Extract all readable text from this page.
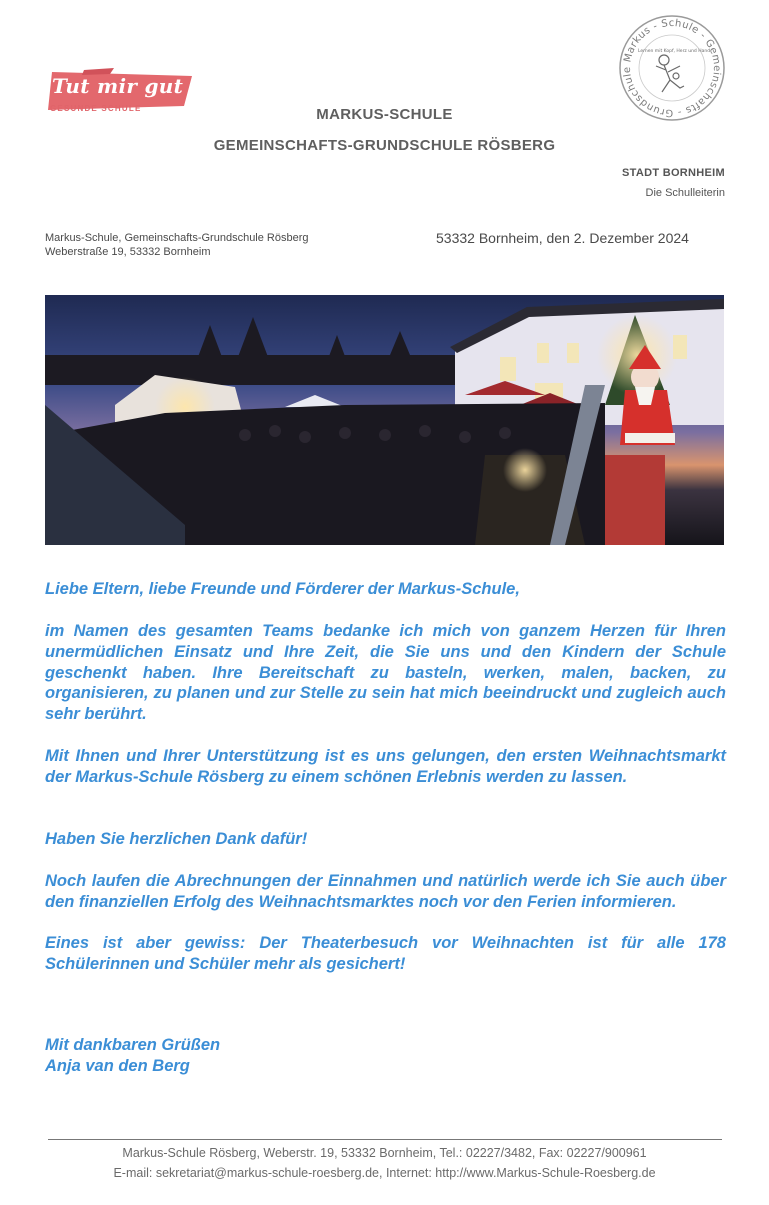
Tut mir gut
GESUNDE SCHULE
Markus - Schule - Gemeinschafts - Grundschule
Lernen mit Kopf, Herz und Hand
MARKUS-SCHULE
GEMEINSCHAFTS-GRUNDSCHULE RÖSBERG
STADT BORNHEIM
Die Schulleiterin
Markus-Schule, Gemeinschafts-Grundschule Rösberg
Weberstraße 19, 53332 Bornheim
53332 Bornheim, den 2. Dezember 2024
Liebe Eltern, liebe Freunde und Förderer der Markus-Schule,
im Namen des gesamten Teams bedanke ich mich von ganzem Herzen für Ihren unermüdlichen Einsatz und Ihre Zeit, die Sie uns und den Kindern der Schule geschenkt haben. Ihre Bereitschaft zu basteln, werken, malen, backen, zu organisieren, zu planen und zur Stelle zu sein hat mich beeindruckt und zugleich auch sehr berührt.
Mit Ihnen und Ihrer Unterstützung ist es uns gelungen, den ersten Weihnachtsmarkt der Markus-Schule Rösberg zu einem schönen Erlebnis werden zu lassen.
Haben Sie herzlichen Dank dafür!
Noch laufen die Abrechnungen der Einnahmen und natürlich werde ich Sie auch über den finanziellen Erfolg des Weihnachtsmarktes noch vor den Ferien informieren.
Eines ist aber gewiss: Der Theaterbesuch vor Weihnachten ist für alle 178 Schülerinnen und Schüler mehr als gesichert!
Mit dankbaren Grüßen
Anja van den Berg
Markus-Schule Rösberg, Weberstr. 19, 53332 Bornheim, Tel.: 02227/3482, Fax: 02227/900961
E-mail: sekretariat@markus-schule-roesberg.de, Internet: http://www.Markus-Schule-Roesberg.de
